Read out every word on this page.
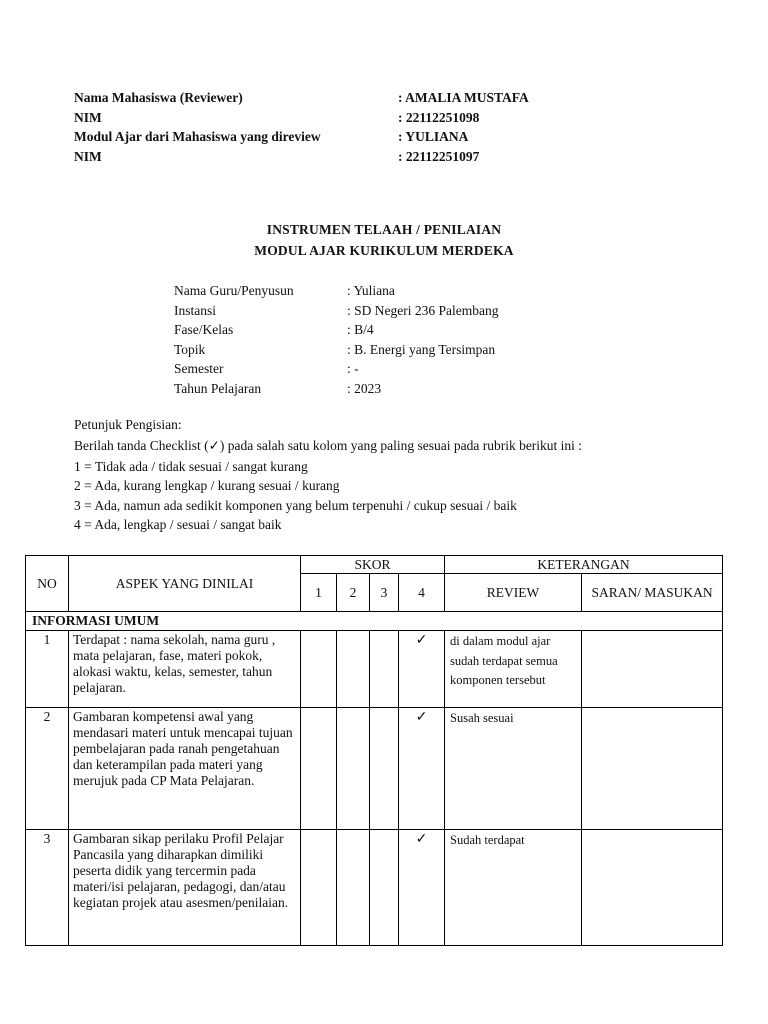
Nama Mahasiswa (Reviewer)	: AMALIA MUSTAFA
NIM	: 22112251098
Modul Ajar dari Mahasiswa yang direview	: YULIANA
NIM	: 22112251097
INSTRUMEN TELAAH / PENILAIAN
MODUL AJAR KURIKULUM MERDEKA
Nama Guru/Penyusun	: Yuliana
Instansi	: SD Negeri 236 Palembang
Fase/Kelas	: B/4
Topik	: B. Energi yang Tersimpan
Semester	: -
Tahun Pelajaran	: 2023
Petunjuk Pengisian:
Berilah tanda Checklist (✓) pada salah satu kolom yang paling sesuai pada rubrik berikut ini :
1 = Tidak ada / tidak sesuai / sangat kurang
2 = Ada, kurang lengkap / kurang sesuai / kurang
3 = Ada, namun ada sedikit komponen yang belum terpenuhi / cukup sesuai / baik
4 = Ada, lengkap / sesuai / sangat baik
NO	ASPEK YANG DINILAI	SKOR				KETERANGAN	
		1	2	3	4	REVIEW	SARAN/ MASUKAN
INFORMASI UMUM							
1	Terdapat : nama sekolah, nama guru , mata pelajaran, fase, materi pokok, alokasi waktu, kelas, semester, tahun pelajaran.				✓	di dalam modul ajar sudah terdapat semua komponen tersebut	
2	Gambaran kompetensi awal yang mendasari materi untuk mencapai tujuan pembelajaran pada ranah pengetahuan dan keterampilan pada materi yang merujuk pada CP Mata Pelajaran.				✓	Susah sesuai	
3	Gambaran sikap perilaku Profil Pelajar Pancasila yang diharapkan dimiliki peserta didik yang tercermin pada materi/isi pelajaran, pedagogi, dan/atau kegiatan projek atau asesmen/penilaian.				✓	Sudah terdapat	
